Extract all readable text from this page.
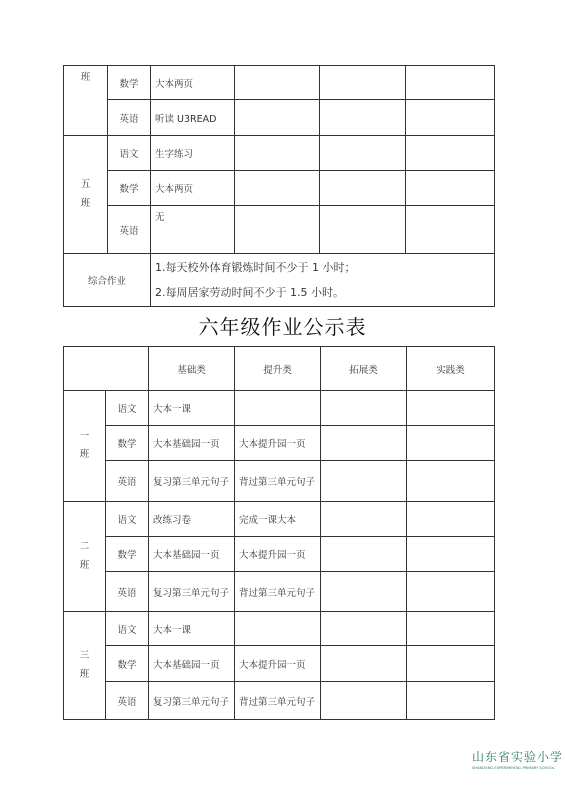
班	数学	大本两页			
	英语	听读 U3READ			
五
班	语文	生字练习			
	数学	大本两页			
	英语	无			
综合作业		1.每天校外体育锻炼时间不少于 1 小时；
2.每周居家劳动时间不少于 1.5 小时。			
六年级作业公示表
		基础类	提升类	拓展类	实践类
一
班	语文	大本一课			
	数学	大本基础园一页	大本提升园一页		
	英语	复习第三单元句子	背过第三单元句子		
二
班	语文	改练习卷	完成一课大本		
	数学	大本基础园一页	大本提升园一页		
	英语	复习第三单元句子	背过第三单元句子		
三
班	语文	大本一课			
	数学	大本基础园一页	大本提升园一页		
	英语	复习第三单元句子	背过第三单元句子		
山东省实验小学
SHANDONG EXPERIMENTAL PRIMARY SCHOOL
